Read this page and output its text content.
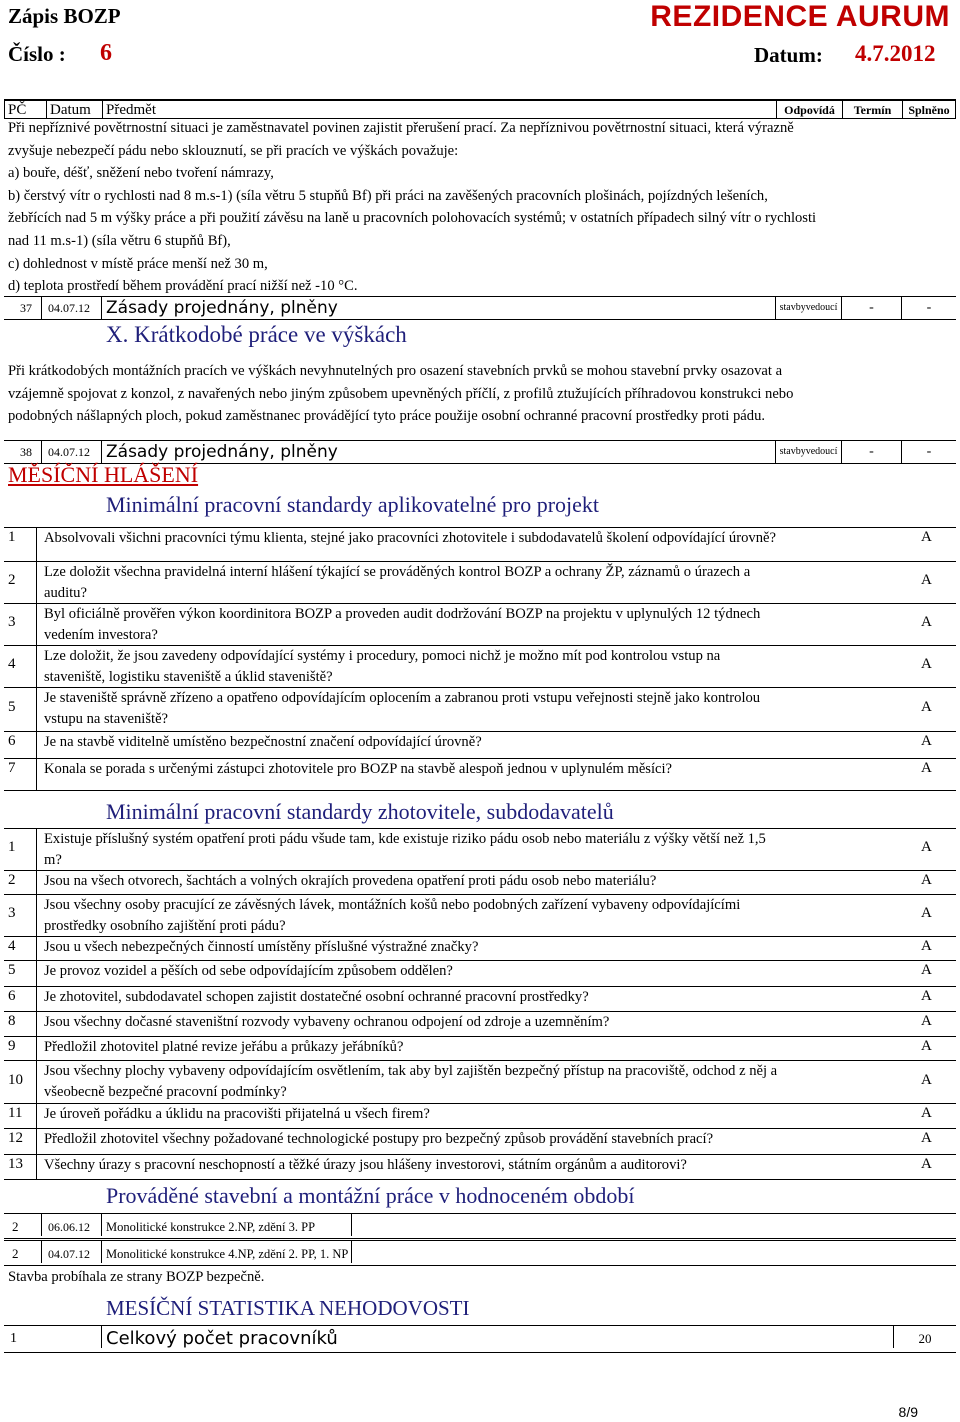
Zápis BOZP	REZIDENCE AURUM
Číslo : 6	Datum: 4.7.2012
PČ	Datum	Předmět	Odpovídá	Termín	Splněno
Při nepříznivé povětrnostní situaci je zaměstnavatel povinen zajistit přerušení prací. Za nepříznivou povětrnostní situaci, která výrazně
zvyšuje nebezpečí pádu nebo sklouznutí, se při pracích ve výškách považuje:
a) bouře, déšť, sněžení nebo tvoření námrazy,
b) čerstvý vítr o rychlosti nad 8 m.s-1) (síla větru 5 stupňů Bf) při práci na zavěšených pracovních plošinách, pojízdných lešeních,
žebřících nad 5 m výšky práce a při použití závěsu na laně u pracovních polohovacích systémů; v ostatních případech silný vítr o rychlosti
nad 11 m.s-1) (síla větru 6 stupňů Bf),
c) dohlednost v místě práce menší než 30 m,
d) teplota prostředí během provádění prací nižší než -10 °C.
37	04.07.12 Zásady projednány, plněny	stavbyvedoucí	-	-
X. Krátkodobé práce ve výškách
Při krátkodobých montážních pracích ve výškách nevyhnutelných pro osazení stavebních prvků se mohou stavební prvky osazovat a
vzájemně spojovat z konzol, z navařených nebo jiným způsobem upevněných příčlí, z profilů ztužujících příhradovou konstrukci nebo
podobných nášlapných ploch, pokud zaměstnanec provádějící tyto práce použije osobní ochranné pracovní prostředky proti pádu.
38	04.07.12 Zásady projednány, plněny	stavbyvedoucí	-	-
MĚSÍČNÍ HLÁŠENÍ
Minimální pracovní standardy aplikovatelné pro projekt
1 Absolvovali všichni pracovníci týmu klienta, stejné jako pracovníci zhotovitele i subdodavatelů školení odpovídající úrovně?	A
2 Lze doložit všechna pravidelná interní hlášení týkající se prováděných kontrol BOZP a ochrany ŽP, záznamů o úrazech a
auditu?
A
3 Byl oficiálně prověřen výkon koordinitora BOZP a proveden audit dodržování BOZP na projektu v uplynulých 12 týdnech
vedením investora?
A
4 Lze doložit, že jsou zavedeny odpovídající systémy i procedury, pomoci nichž je možno mít pod kontrolou vstup na
staveniště, logistiku staveniště a úklid staveniště?
A
5
Je staveniště správně zřízeno a opatřeno odpovídajícím oplocením a zabranou proti vstupu veřejnosti stejně jako kontrolou
vstupu na staveniště?
A
6 Je na stavbě viditelně umístěno bezpečnostní značení odpovídající úrovně?	A
7 Konala se porada s určenými zástupci zhotovitele pro BOZP na stavbě alespoň jednou v uplynulém měsíci?	A
Minimální pracovní standardy zhotovitele, subdodavatelů
1 Existuje příslušný systém opatření proti pádu všude tam, kde existuje riziko pádu osob nebo materiálu z výšky větší než 1,5
m?
A
2 Jsou na všech otvorech, šachtách a volných okrajích provedena opatření proti pádu osob nebo materiálu?	A
3 Jsou všechny osoby pracující ze závěsných lávek, montážních košů nebo podobných zařízení vybaveny odpovídajícími
prostředky osobního zajištění proti pádu?
A
4 Jsou u všech nebezpečných činností umístěny příslušné výstražné značky?	A
5 Je provoz vozidel a pěších od sebe odpovídajícím způsobem oddělen?	A
6 Je zhotovitel, subdodavatel schopen zajistit dostatečné osobní ochranné pracovní prostředky?	A
8 Jsou všechny dočasné staveništní rozvody vybaveny ochranou odpojení od zdroje a uzemněním?	A
9 Předložil zhotovitel platné revize jeřábu a průkazy jeřábníků?	A
10
Jsou všechny plochy vybaveny odpovídajícím osvětlením, tak aby byl zajištěn bezpečný přístup na pracoviště, odchod z něj a
všeobecně bezpečné pracovní podmínky?
A
11 Je úroveň pořádku a úklidu na pracovišti přijatelná u všech firem?	A
12 Předložil zhotovitel všechny požadované technologické postupy pro bezpečný způsob provádění stavebních prací?	A
13 Všechny úrazy s pracovní neschopností a těžké úrazy jsou hlášeny investorovi, státním orgánům a auditorovi?	A
Prováděné stavební a montážní práce v hodnoceném období
2	06.06.12	Monolitické konstrukce 2.NP, zdění 3. PP
2	04.07.12	Monolitické konstrukce 4.NP, zdění 2. PP, 1. NP
Stavba probíhala ze strany BOZP bezpečně.
MESÍČNÍ STATISTIKA NEHODOVOSTI
1	Celkový počet pracovníků	20
8/9
